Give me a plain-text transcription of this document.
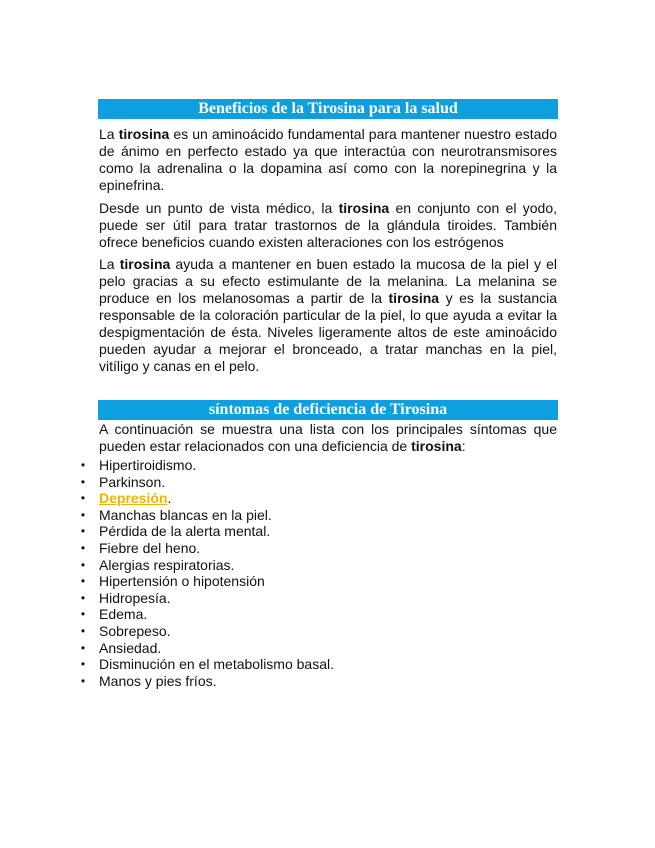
Beneficios de la Tirosina para la salud

La tirosina es un aminoácido fundamental para mantener nuestro estado de ánimo en perfecto estado ya que interactúa con neurotransmisores como la adrenalina o la dopamina así como con la norepinegrina y la epinefrina.

Desde un punto de vista médico, la tirosina en conjunto con el yodo, puede ser útil para tratar trastornos de la glándula tiroides. También ofrece beneficios cuando existen alteraciones con los estrógenos

La tirosina ayuda a mantener en buen estado la mucosa de la piel y el pelo gracias a su efecto estimulante de la melanina. La melanina se produce en los melanosomas a partir de la tirosina y es la sustancia responsable de la coloración particular de la piel, lo que ayuda a evitar la despigmentación de ésta. Niveles ligeramente altos de este aminoácido pueden ayudar a mejorar el bronceado, a tratar manchas en la piel, vitíligo y canas en el pelo.

síntomas de deficiencia de Tirosina

A continuación se muestra una lista con los principales síntomas que pueden estar relacionados con una deficiencia de tirosina:

• Hipertiroidismo.
• Parkinson.
• Depresión.
• Manchas blancas en la piel.
• Pérdida de la alerta mental.
• Fiebre del heno.
• Alergias respiratorias.
• Hipertensión o hipotensión
• Hidropesía.
• Edema.
• Sobrepeso.
• Ansiedad.
• Disminución en el metabolismo basal.
• Manos y pies fríos.
